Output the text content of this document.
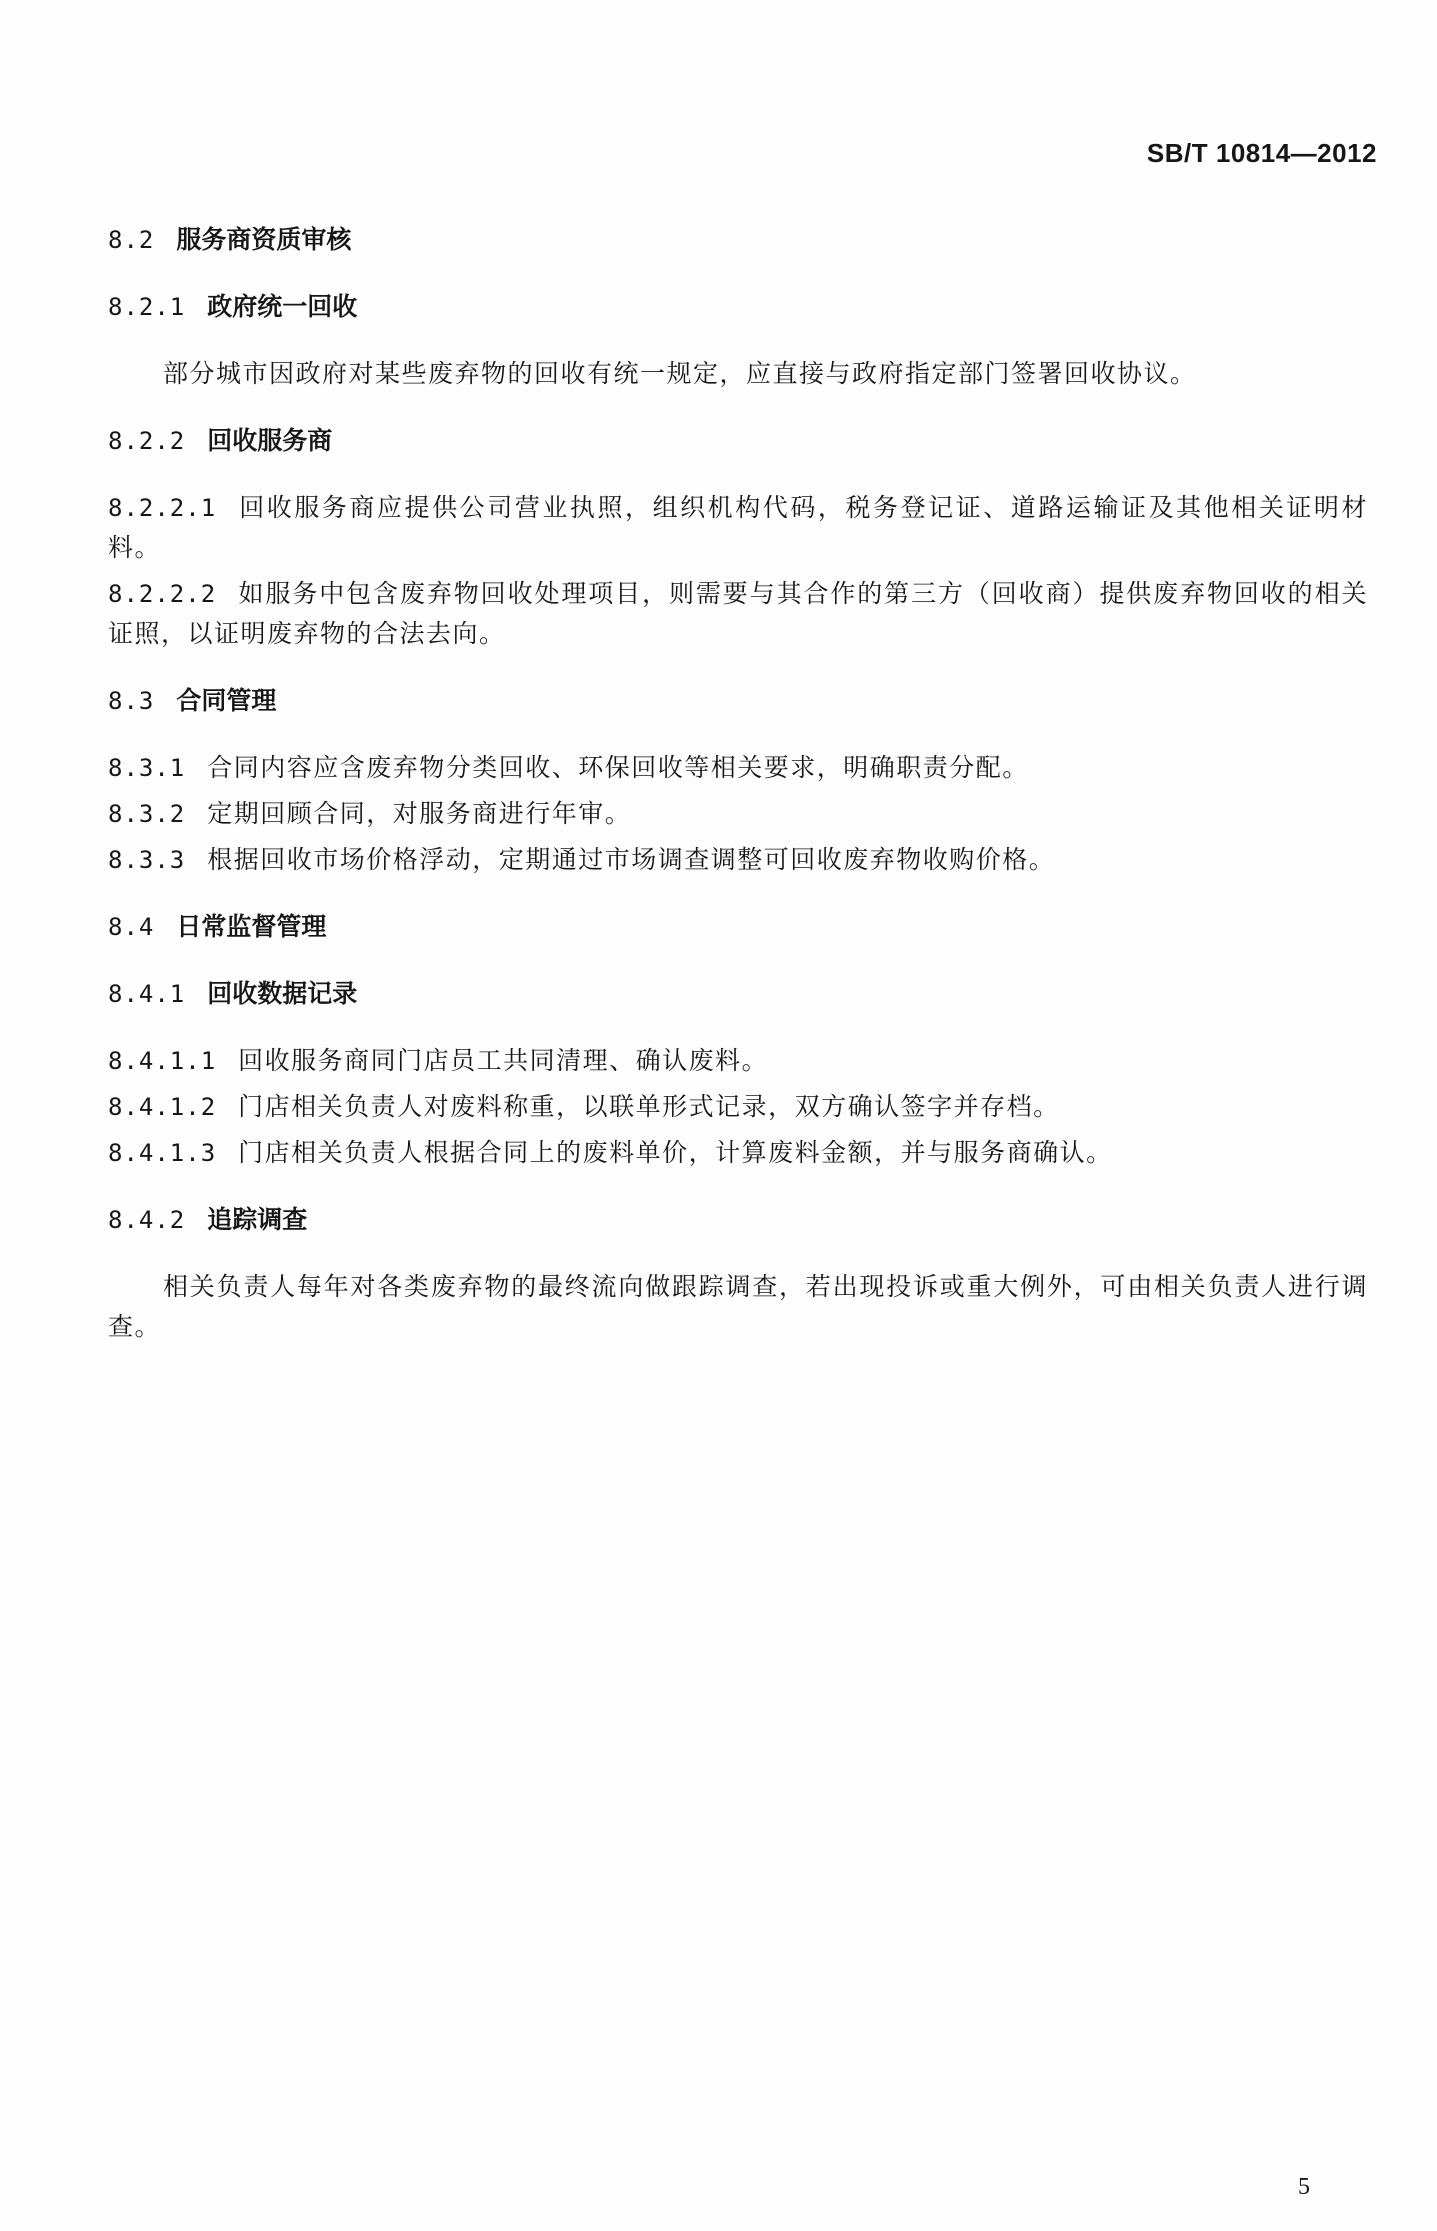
SB/T 10814—2012
8.2 服务商资质审核
8.2.1 政府统一回收
部分城市因政府对某些废弃物的回收有统一规定，应直接与政府指定部门签署回收协议。
8.2.2 回收服务商
8.2.2.1 回收服务商应提供公司营业执照，组织机构代码，税务登记证、道路运输证及其他相关证明材料。
8.2.2.2 如服务中包含废弃物回收处理项目，则需要与其合作的第三方（回收商）提供废弃物回收的相关证照，以证明废弃物的合法去向。
8.3 合同管理
8.3.1 合同内容应含废弃物分类回收、环保回收等相关要求，明确职责分配。
8.3.2 定期回顾合同，对服务商进行年审。
8.3.3 根据回收市场价格浮动，定期通过市场调查调整可回收废弃物收购价格。
8.4 日常监督管理
8.4.1 回收数据记录
8.4.1.1 回收服务商同门店员工共同清理、确认废料。
8.4.1.2 门店相关负责人对废料称重，以联单形式记录，双方确认签字并存档。
8.4.1.3 门店相关负责人根据合同上的废料单价，计算废料金额，并与服务商确认。
8.4.2 追踪调查
相关负责人每年对各类废弃物的最终流向做跟踪调查，若出现投诉或重大例外，可由相关负责人进行调查。
5
